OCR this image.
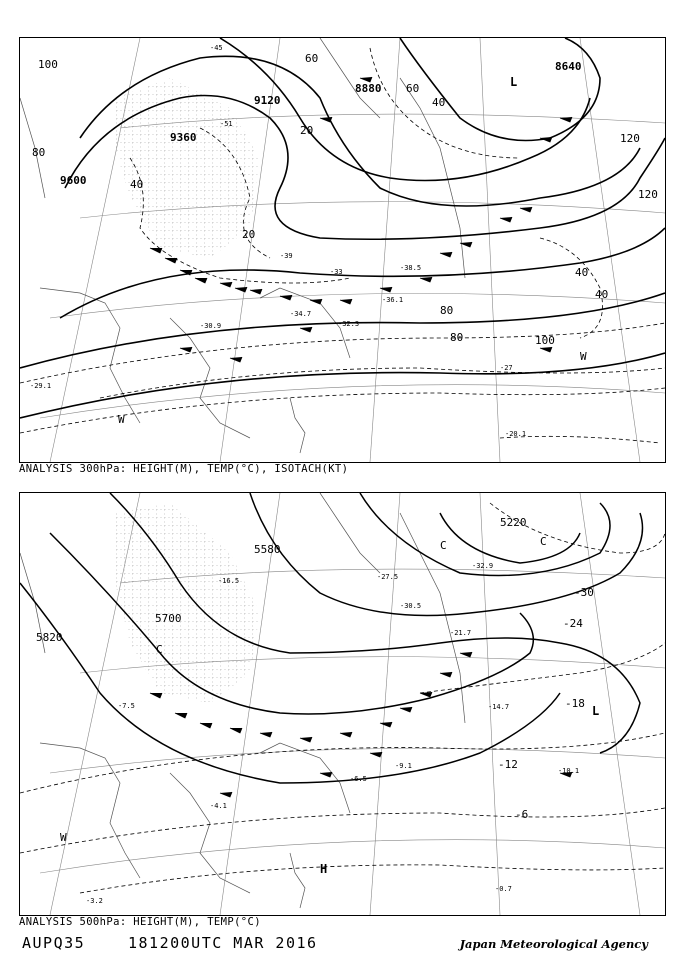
L
W
W
9120
9360
9600
8640
8880
100
80
60
40
20
120
40
80
100
80
60
40
20
120
40
-45
-51
-39
-33
-27
-36.1
-38.5
-30.9	-32.3
-34.7
-29.1
-20.1
ANALYSIS 300hPa: HEIGHT(M), TEMP(°C), ISOTACH(KT)
C
C	C
L
H
W
5580
5700
5820
5220
-30
-24
-18
-12
-6
-16.5	-27.5
-30.5
-32.9
-21.7
-14.7
-9.1
-6.5
-4.1
-0.7
-3.2
-7.5
-10.1
ANALYSIS 500hPa: HEIGHT(M), TEMP(°C)
AUPQ35	181200UTC MAR 2016	Japan Meteorological Agency
